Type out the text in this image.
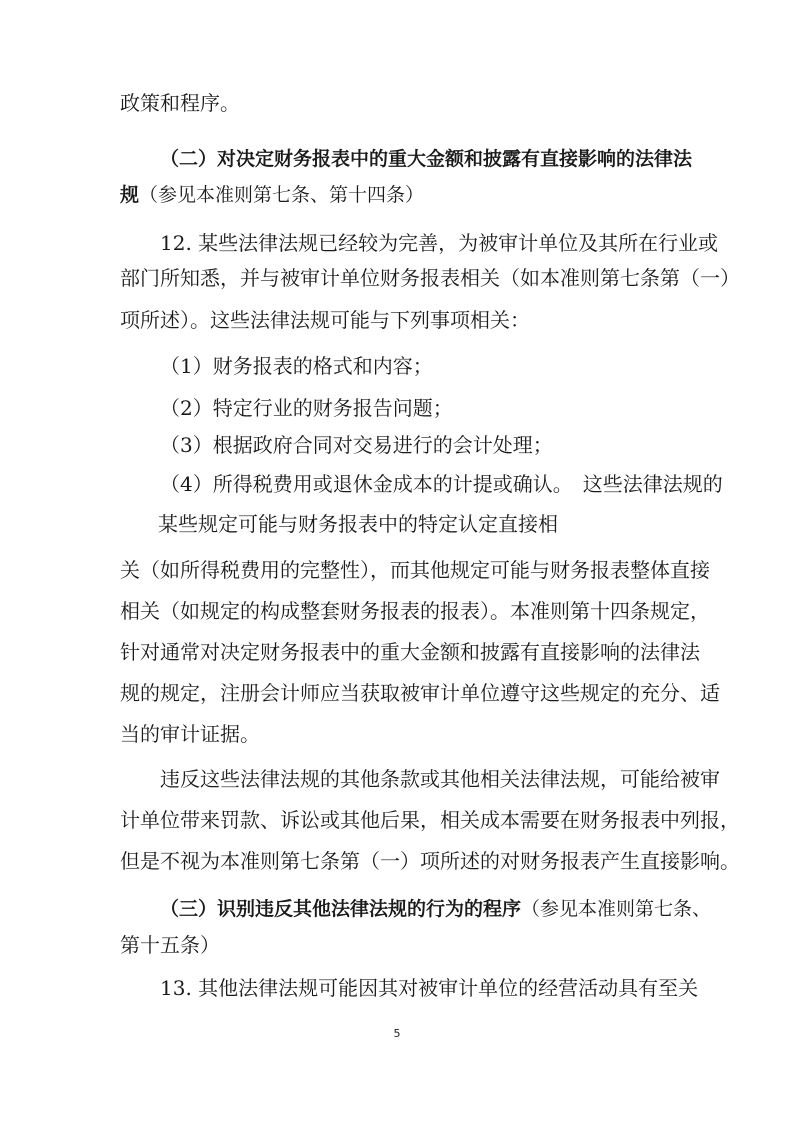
政策和程序。
（二）对决定财务报表中的重大金额和披露有直接影响的法律法
规（参见本准则第七条、第十四条）
12. 某些法律法规已经较为完善，为被审计单位及其所在行业或
部门所知悉，并与被审计单位财务报表相关（如本准则第七条第（一）
项所述）。这些法律法规可能与下列事项相关：
（1）财务报表的格式和内容；
（2）特定行业的财务报告问题；
（3）根据政府合同对交易进行的会计处理；
（4）所得税费用或退休金成本的计提或确认。　这些法律法规的
某些规定可能与财务报表中的特定认定直接相
关（如所得税费用的完整性），而其他规定可能与财务报表整体直接
相关（如规定的构成整套财务报表的报表）。本准则第十四条规定，
针对通常对决定财务报表中的重大金额和披露有直接影响的法律法
规的规定，注册会计师应当获取被审计单位遵守这些规定的充分、适
当的审计证据。
违反这些法律法规的其他条款或其他相关法律法规，可能给被审
计单位带来罚款、诉讼或其他后果，相关成本需要在财务报表中列报，
但是不视为本准则第七条第（一）项所述的对财务报表产生直接影响。
（三）识别违反其他法律法规的行为的程序（参见本准则第七条、
第十五条）
13. 其他法律法规可能因其对被审计单位的经营活动具有至关
5
